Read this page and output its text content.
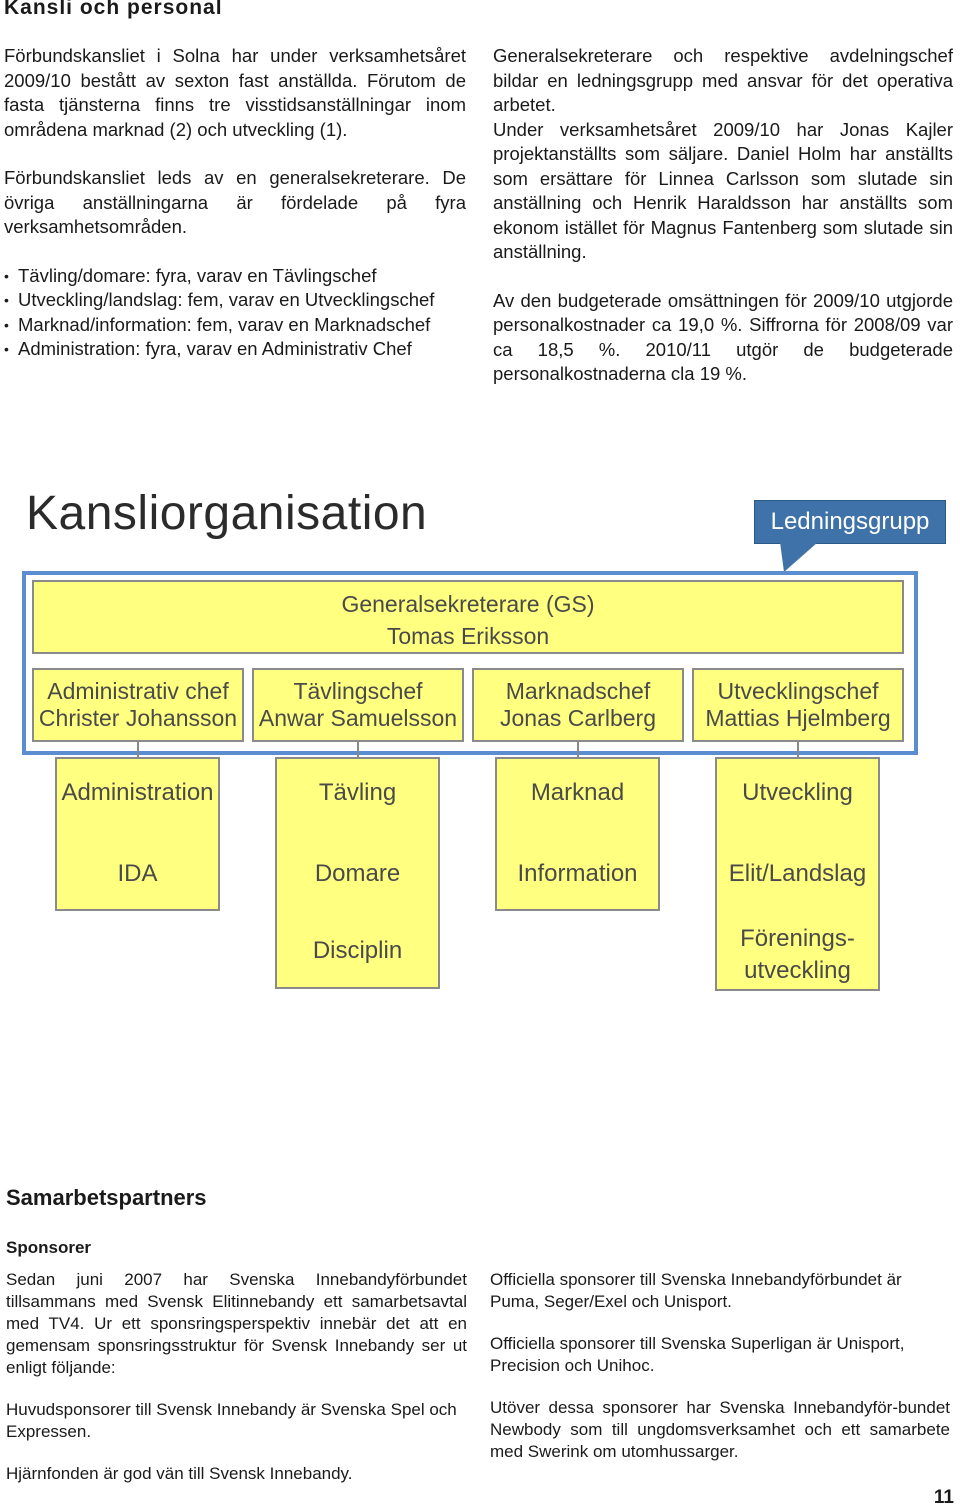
Kansli och personal

Förbundskansliet i Solna har under verksamhetsåret 2009/10 bestått av sexton fast anställda. Förutom de fasta tjänsterna finns tre visstidsanställningar inom områdena marknad (2) och utveckling (1).

Förbundskansliet leds av en generalsekreterare. De övriga anställningarna är fördelade på fyra verksamhetsområden.

• Tävling/domare: fyra, varav en Tävlingschef
• Utveckling/landslag: fem, varav en Utvecklingschef
• Marknad/information: fem, varav en Marknadschef
• Administration: fyra, varav en Administrativ Chef

Generalsekreterare och respektive avdelningschef bildar en ledningsgrupp med ansvar för det operativa arbetet.

Under verksamhetsåret 2009/10 har Jonas Kajler projektanställts som säljare. Daniel Holm har anställts som ersättare för Linnea Carlsson som slutade sin anställning och Henrik Haraldsson har anställts som ekonom istället för Magnus Fantenberg som slutade sin anställning.

Av den budgeterade omsättningen för 2009/10 utgjorde personalkostnader ca 19,0 %. Siffrorna för 2008/09 var ca 18,5 %. 2010/11 utgör de budgeterade personalkostnaderna cla 19 %.

Kansliorganisation	Ledningsgrupp
Generalsekreterare (GS)
Tomas Eriksson
Administrativ chef
Christer Johansson
Tävlingschef
Anwar Samuelsson
Marknadschef
Jonas Carlberg
Utvecklingschef
Mattias Hjelmberg
Administration
IDA
Tävling
Domare
Disciplin
Marknad
Information
Utveckling
Elit/Landslag
Förenings-
utveckling
Samarbetspartners
Sponsorer

Sedan juni 2007 har Svenska Innebandyförbundet tillsammans med Svensk Elitinnebandy ett samarbetsavtal med TV4. Ur ett sponsringsperspektiv innebär det att en gemensam sponsringsstruktur för Svensk Innebandy ser ut enligt följande:

Huvudsponsorer till Svensk Innebandy är Svenska Spel och Expressen.

Hjärnfonden är god vän till Svensk Innebandy.

Officiella sponsorer till Svenska Innebandyförbundet är Puma, Seger/Exel och Unisport.

Officiella sponsorer till Svenska Superligan är Unisport, Precision och Unihoc.

Utöver dessa sponsorer har Svenska Innebandyför-bundet Newbody som till ungdomsverksamhet och ett samarbete med Swerink om utomhussarger.

11
